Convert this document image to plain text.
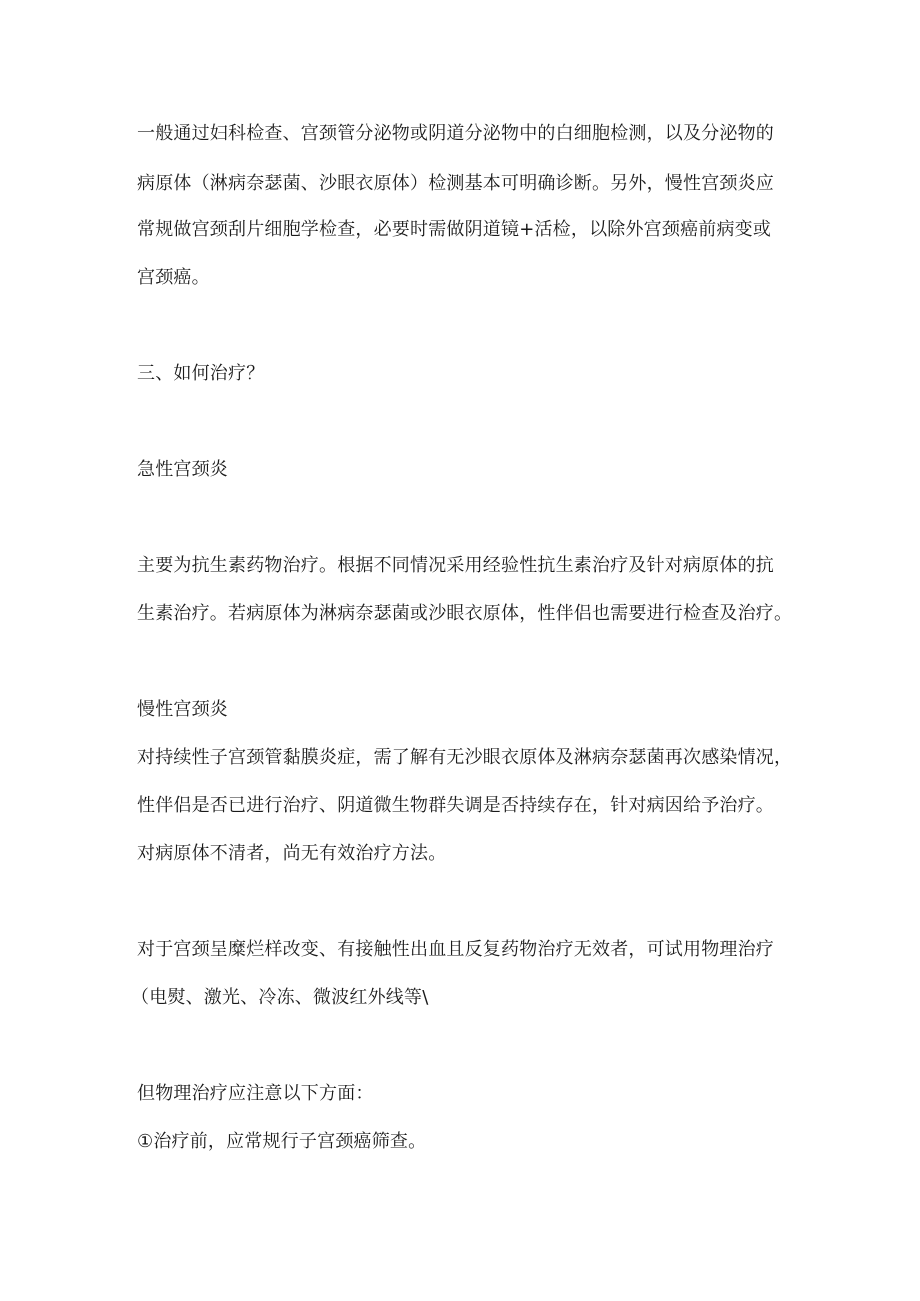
一般通过妇科检查、宫颈管分泌物或阴道分泌物中的白细胞检测，以及分泌物的
病原体（淋病奈瑟菌、沙眼衣原体）检测基本可明确诊断。另外，慢性宫颈炎应
常规做宫颈刮片细胞学检查，必要时需做阴道镜+活检，以除外宫颈癌前病变或
宫颈癌。
三、如何治疗？
急性宫颈炎
主要为抗生素药物治疗。根据不同情况采用经验性抗生素治疗及针对病原体的抗
生素治疗。若病原体为淋病奈瑟菌或沙眼衣原体，性伴侣也需要进行检查及治疗。
慢性宫颈炎
对持续性子宫颈管黏膜炎症，需了解有无沙眼衣原体及淋病奈瑟菌再次感染情况，
性伴侣是否已进行治疗、阴道微生物群失调是否持续存在，针对病因给予治疗。
对病原体不清者，尚无有效治疗方法。
对于宫颈呈糜烂样改变、有接触性出血且反复药物治疗无效者，可试用物理治疗
（电熨、激光、冷冻、微波红外线等\
但物理治疗应注意以下方面：
①治疗前，应常规行子宫颈癌筛查。
